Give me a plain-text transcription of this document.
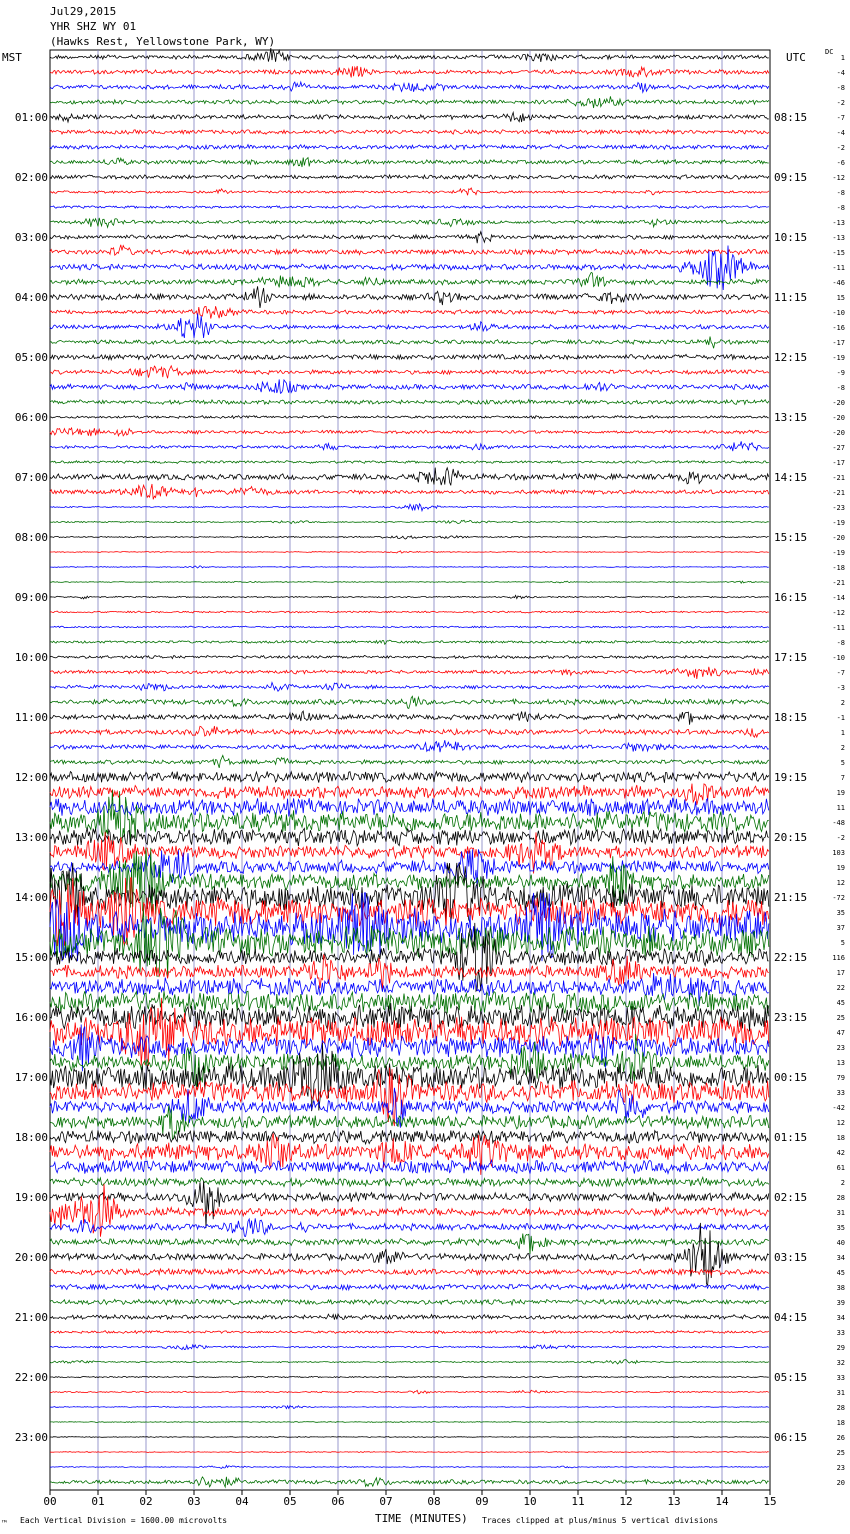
Jul29,2015
YHR SHZ WY 01
(Hawks Rest, Yellowstone Park, WY)
MST	UTC	DC
00	01	02	03	04	05	06	07	08	09	10	11	12	13	14	15
1
-4
-8
-2
-7
-4
-2
-6
-12
-8
-8
-13
-13
-15
-11
-46
15
-10
-16
-17
-19
-9
-8
-20
-20
-20
-27
-17
-21
-21
-23
-19
-20
-19
-18
-21
-14
-12
-11
-8
-10
-7
-3
2
-1
1
2
5
7
19
11
-48
-2
103
19
12
-72
35
37
5
116
17
22
45
25
47
23
13
79
33
-42
12
18
42
61
2
28
31
35
40
34
45
38
39
34
33
29
32
33
31
28
18
26
25
23
20
01:00
02:00
03:00
04:00
05:00
06:00
07:00
08:00
09:00
10:00
11:00
12:00
13:00
14:00
15:00
16:00
17:00
18:00
19:00
20:00
21:00
22:00
23:00
08:15
09:15
10:15
11:15
12:15
13:15
14:15
15:15
16:15
17:15
18:15
19:15
20:15
21:15
22:15
23:15
00:15
01:15
02:15
03:15
04:15
05:15
06:15
TIME (MINUTES)
™ Each Vertical Division = 1600.00 microvolts	Traces clipped at plus/minus 5 vertical divisions
